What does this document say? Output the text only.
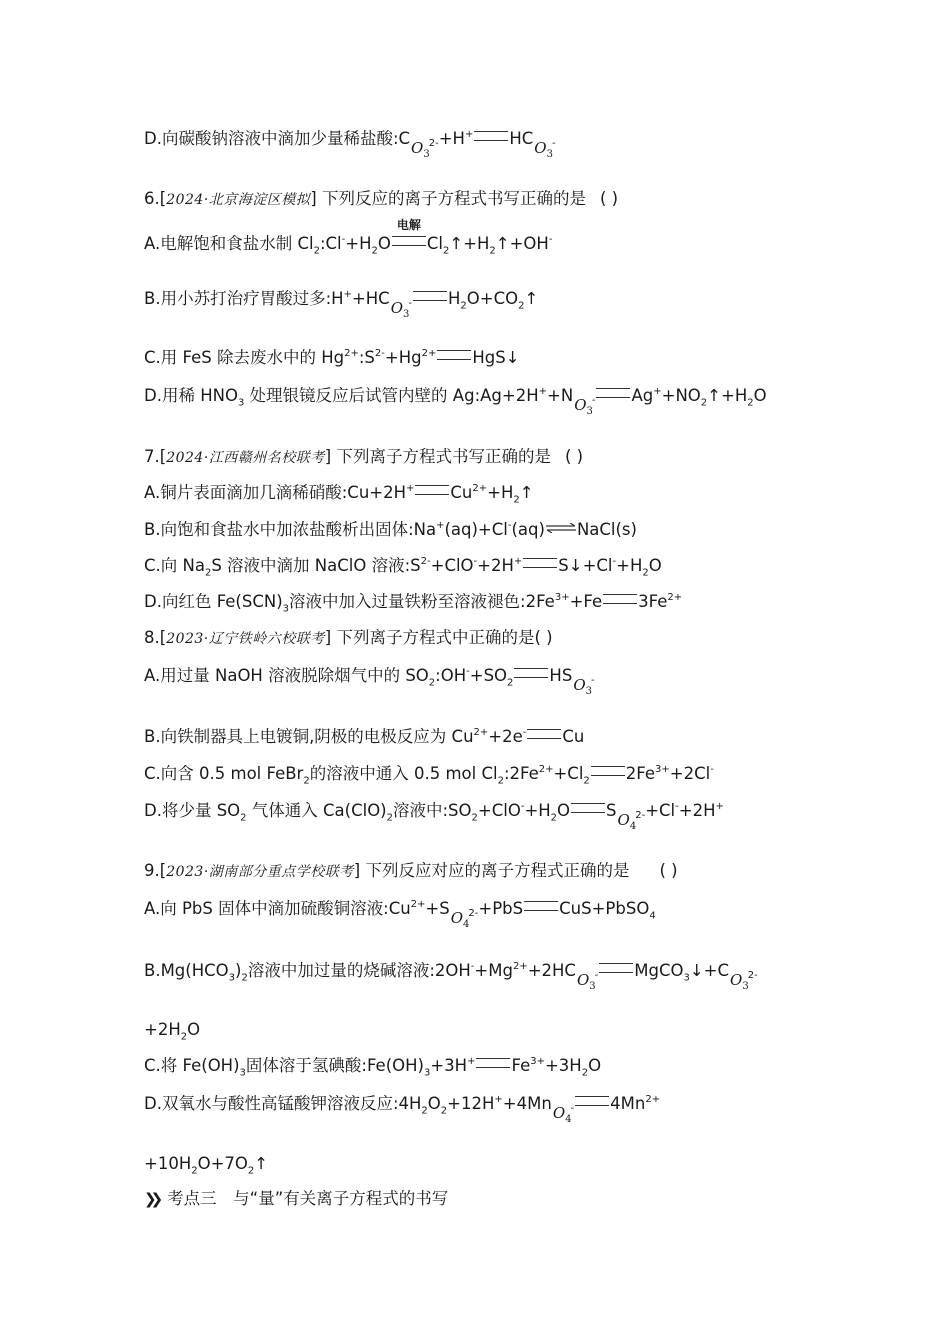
D.向碳酸钠溶液中滴加少量稀盐酸$:CO_32-+H^+$ $HCO_3-$
6.[2024·北京海淀区模拟] 下列反应的离子方程式书写正确的是 ( )
A.电解饱和食盐水制 $Cl_2:Cl^-+H_2O$
电解
$Cl_2↑+H_2↑+OH^-$
B.用小苏打治疗胃酸过多$:H^++HCO_3-$ $H_2O+CO_2↑$
C.用 FeS 除去废水中的 $Hg^{2+}:S^{2-}+Hg^{2+}$ HgS↓
D.用稀 $HNO_3$ 处理银镜反应后试管内壁的 $Ag:Ag+2H^++NO_3-$ $Ag^++NO_2↑+H_2O$
7.[2024·江西赣州名校联考] 下列离子方程式书写正确的是 ( )
A.铜片表面滴加几滴稀硝酸:Cu+2H+ $Cu^{2+}+H_2↑$
B.向饱和食盐水中加浓盐酸析出固体:Na+(aq)+Cl-(aq)⇌NaCl(s)
C.向 $Na_2S$ 溶液中滴加 NaClO 溶液$:S^{2-}+ClO^-+2H^+$ $S↓+Cl^-+H_2O$
D.向红色 $Fe(SCN)_3$溶液中加入过量铁粉至溶液褪色$:2Fe^{3+}+Fe$ $3Fe^{2+}$
8.[2023·辽宁铁岭六校联考] 下列离子方程式中正确的是( )
A.用过量 NaOH 溶液脱除烟气中的 $SO_2:OH^-+SO_2$ $HSO_3-$
B.向铁制器具上电镀铜,阴极的电极反应为 $Cu^{2+}+2e^-$ Cu
C.向含 0.5 mol FeBr$_2$的溶液中通入 0.5 mol $Cl_2:2Fe^{2+}+Cl_2$ $2Fe^{3+}+2Cl^-$
D.将少量 $SO_2$ 气体通入 $Ca(ClO)_2$溶液中$:SO_2+ClO^-+H_2O$ $SO_42-+Cl^-+2H^+$
9.[2023·湖南部分重点学校联考] 下列反应对应的离子方程式正确的是 ( )
A.向 PbS 固体中滴加硫酸铜溶液$:Cu^{2+}+SO_42-+PbS$ CuS+PbSO$_4$
$B.Mg(HCO_3)_2$溶液中加过量的烧碱溶液$:2OH^-+Mg^{2+}+2HCO_3-$ $MgCO_3↓+CO_32-$
$+2H_2O$
C.将 $Fe(OH)_3$固体溶于氢碘酸$:Fe(OH)_3+3H^+$ $Fe^{3+}+3H_2O$
D.双氧水与酸性高锰酸钾溶液反应$:4H_2O_2+12H^++4MnO_4-$ $4Mn^{2+}$
$+10H_2O+7O_2↑$
❯❯ 考点三　与“量”有关离子方程式的书写
